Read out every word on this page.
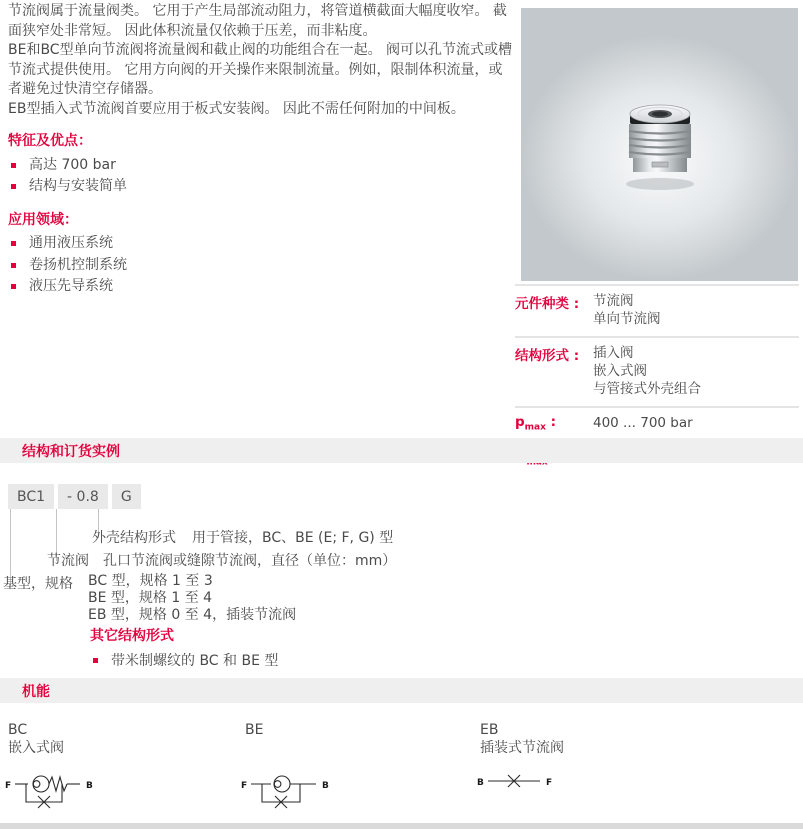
节流阀属于流量阀类。 它用于产生局部流动阻力，将管道横截面大幅度收窄。 截面狭窄处非常短。 因此体积流量仅依赖于压差，而非粘度。

BE和BC型单向节流阀将流量阀和截止阀的功能组合在一起。 阀可以孔节流式或槽节流式提供使用。 它用方向阀的开关操作来限制流量。例如，限制体积流量，或者避免过快清空存储器。

EB型插入式节流阀首要应用于板式安装阀。 因此不需任何附加的中间板。

特征及优点：
高达 700 bar
结构与安装简单
应用领域：
通用液压系统
卷扬机控制系统
液压先导系统
元件种类 :	节流阀
单向节流阀
结构形式 :	插入阀
嵌入式阀
与管接式外壳组合
$p_{max}$ :	400 ... 700 bar
结构和订货实例
BC1	- 0.8	G
外壳结构形式 用于管接，BC、BE (E; F, G) 型
节流阀 孔口节流阀或缝隙节流阀，直径（单位：mm）
基型，规格 BC 型，规格 1 至 3
BE 型，规格 1 至 4
EB 型，规格 0 至 4，插装节流阀
其它结构形式
带米制螺纹的 BC 和 BE 型
机能
BC
嵌入式阀
BE	EB
插装式节流阀
F	B	F	B	B	F
